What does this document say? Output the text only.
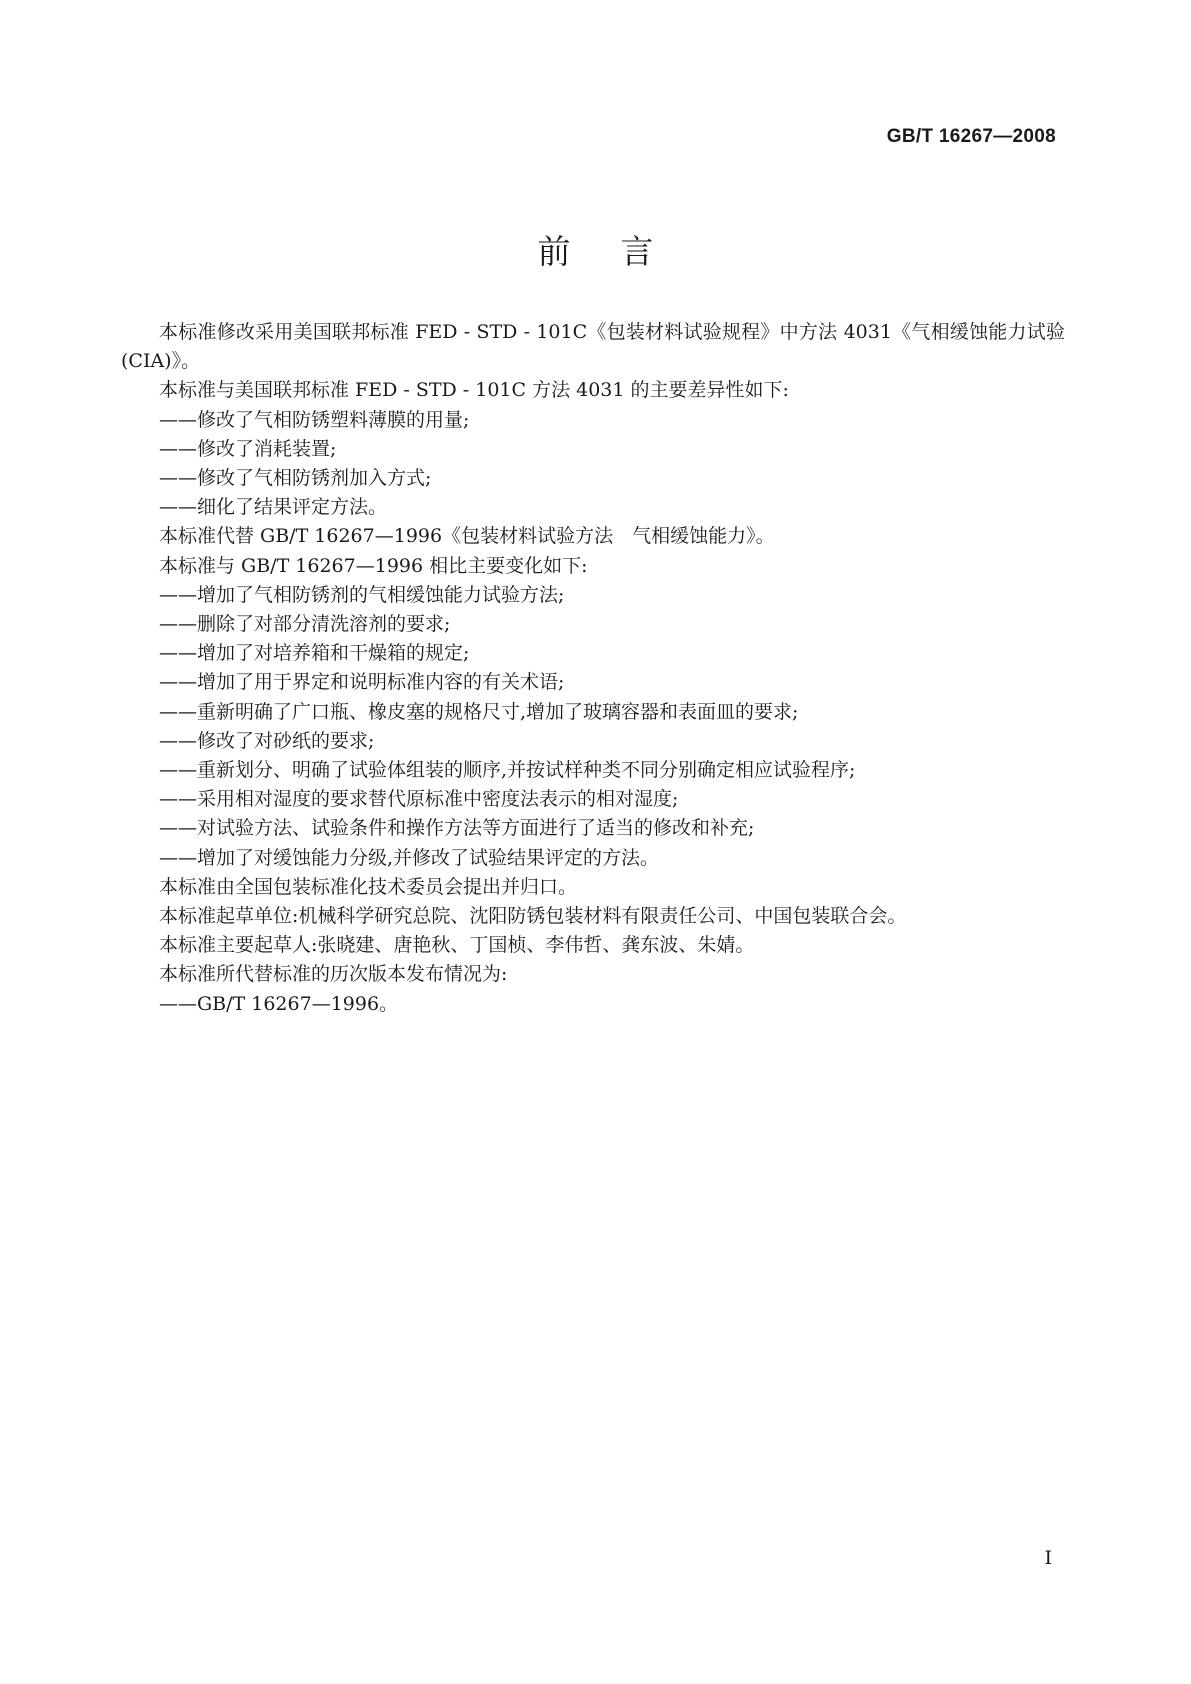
GB/T 16267—2008
前言

本标准修改采用美国联邦标准 FED - STD - 101C《包装材料试验规程》中方法 4031《气相缓蚀能力试验(CIA)》。

本标准与美国联邦标准 FED - STD - 101C 方法 4031 的主要差异性如下:

——修改了气相防锈塑料薄膜的用量;

——修改了消耗装置;

——修改了气相防锈剂加入方式;

——细化了结果评定方法。

本标准代替 GB/T 16267—1996《包装材料试验方法　气相缓蚀能力》。

本标准与 GB/T 16267—1996 相比主要变化如下:

——增加了气相防锈剂的气相缓蚀能力试验方法;

——删除了对部分清洗溶剂的要求;

——增加了对培养箱和干燥箱的规定;

——增加了用于界定和说明标准内容的有关术语;

——重新明确了广口瓶、橡皮塞的规格尺寸,增加了玻璃容器和表面皿的要求;

——修改了对砂纸的要求;

——重新划分、明确了试验体组装的顺序,并按试样种类不同分别确定相应试验程序;

——采用相对湿度的要求替代原标准中密度法表示的相对湿度;

——对试验方法、试验条件和操作方法等方面进行了适当的修改和补充;

——增加了对缓蚀能力分级,并修改了试验结果评定的方法。

本标准由全国包装标准化技术委员会提出并归口。

本标准起草单位:机械科学研究总院、沈阳防锈包装材料有限责任公司、中国包装联合会。

本标准主要起草人:张晓建、唐艳秋、丁国桢、李伟哲、龚东波、朱婧。

本标准所代替标准的历次版本发布情况为:

——GB/T 16267—1996。

I
